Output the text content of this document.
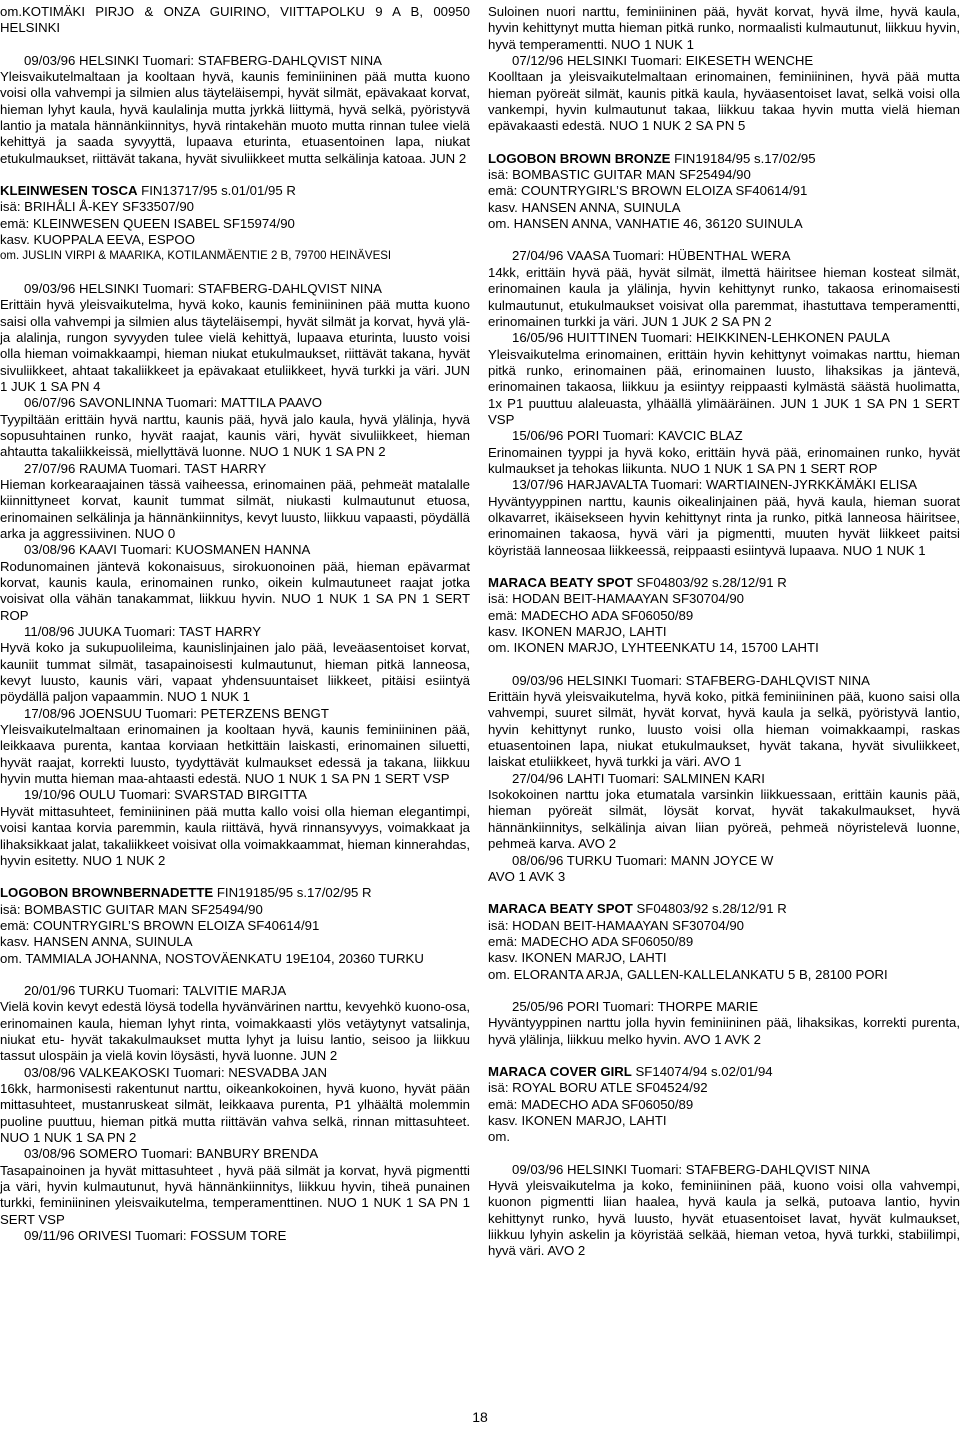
om.KOTIMÄKI PIRJO & ONZA GUIRINO, VIITTAPOLKU 9 A B, 00950 HELSINKI

09/03/96 HELSINKI Tuomari: STAFBERG-DAHLQVIST NINA

Yleisvaikutelmaltaan ja kooltaan hyvä, kaunis feminiininen pää mutta kuono voisi olla vahvempi ja silmien alus täyteläisempi, hyvät silmät, epävakaat korvat, hieman lyhyt kaula, hyvä kaulalinja mutta jyrkkä liittymä, hyvä selkä, pyöristyvä lantio ja matala hännänkiinnitys, hyvä rintakehän muoto mutta rinnan tulee vielä kehittyä ja saada syvyyttä, lupaava eturinta, etuasentoinen lapa, niukat etukulmaukset, riittävät takana, hyvät sivuliikkeet mutta selkälinja katoaa. JUN 2

KLEINWESEN TOSCA FIN13717/95 s.01/01/95 R

isä: BRIHÅLI Å-KEY SF33507/90

emä: KLEINWESEN QUEEN ISABEL SF15974/90

kasv. KUOPPALA EEVA, ESPOO

om. JUSLIN VIRPI & MAARIKA, KOTILANMÄENTIE 2 B, 79700 HEINÄVESI

09/03/96 HELSINKI Tuomari: STAFBERG-DAHLQVIST NINA

Erittäin hyvä yleisvaikutelma, hyvä koko, kaunis feminiininen pää mutta kuono saisi olla vahvempi ja silmien alus täyteläisempi, hyvät silmät ja korvat, hyvä ylä- ja alalinja, rungon syvyyden tulee vielä kehittyä, lupaava eturinta, luusto voisi olla hieman voimakkaampi, hieman niukat etukulmaukset, riittävät takana, hyvät sivuliikkeet, ahtaat takaliikkeet ja epävakaat etuliikkeet, hyvä turkki ja väri. JUN 1 JUK 1 SA PN 4

06/07/96 SAVONLINNA Tuomari: MATTILA PAAVO

Tyypiltään erittäin hyvä narttu, kaunis pää, hyvä jalo kaula, hyvä ylälinja, hyvä sopusuhtainen runko, hyvät raajat, kaunis väri, hyvät sivuliikkeet, hieman ahtautta takaliikkeissä, miellyttävä luonne. NUO 1 NUK 1 SA PN 2

27/07/96 RAUMA Tuomari. TAST HARRY

Hieman korkearaajainen tässä vaiheessa, erinomainen pää, pehmeät matalalle kiinnittyneet korvat, kaunit tummat silmät, niukasti kulmautunut etuosa, erinomainen selkälinja ja hännänkiinnitys, kevyt luusto, liikkuu vapaasti, pöydällä arka ja aggressiivinen. NUO 0

03/08/96 KAAVI Tuomari: KUOSMANEN HANNA

Rodunomainen jäntevä kokonaisuus, sirokuonoinen pää, hieman epävarmat korvat, kaunis kaula, erinomainen runko, oikein kulmautuneet raajat jotka voisivat olla vähän tanakammat, liikkuu hyvin. NUO 1 NUK 1 SA PN 1 SERT ROP

11/08/96 JUUKA Tuomari: TAST HARRY

Hyvä koko ja sukupuolileima, kaunislinjainen jalo pää, leveäasentoiset korvat, kauniit tummat silmät, tasapainoisesti kulmautunut, hieman pitkä lanneosa, kevyt luusto, kaunis väri, vapaat yhdensuuntaiset liikkeet, pitäisi esiintyä pöydällä paljon vapaammin. NUO 1 NUK 1

17/08/96 JOENSUU Tuomari: PETERZENS BENGT

Yleisvaikutelmaltaan erinomainen ja kooltaan hyvä, kaunis feminiininen pää, leikkaava purenta, kantaa korviaan hetkittäin laiskasti, erinomainen siluetti, hyvät raajat, korrekti luusto, tyydyttävät kulmaukset edessä ja takana, liikkuu hyvin mutta hieman maa-ahtaasti edestä. NUO 1 NUK 1 SA PN 1 SERT VSP

19/10/96 OULU Tuomari: SVARSTAD BIRGITTA

Hyvät mittasuhteet, feminiininen pää mutta kallo voisi olla hieman elegantimpi, voisi kantaa korvia paremmin, kaula riittävä, hyvä rinnansyvyys, voimakkaat ja lihaksikkaat jalat, takaliikkeet voisivat olla voimakkaammat, hieman kinnerahdas, hyvin esitetty. NUO 1 NUK 2

LOGOBON BROWNBERNADETTE FIN19185/95 s.17/02/95 R

isä: BOMBASTIC GUITAR MAN SF25494/90

emä: COUNTRYGIRL’S BROWN ELOIZA SF40614/91

kasv. HANSEN ANNA, SUINULA

om. TAMMIALA JOHANNA, NOSTOVÄENKATU 19E104, 20360 TURKU

20/01/96 TURKU Tuomari: TALVITIE MARJA

Vielä kovin kevyt edestä löysä todella hyvänvärinen narttu, kevyehkö kuono-osa, erinomainen kaula, hieman lyhyt rinta, voimakkaasti ylös vetäytynyt vatsalinja, niukat etu- hyvät takakulmaukset mutta lyhyt ja luisu lantio, seisoo ja liikkuu tassut ulospäin ja vielä kovin löysästi, hyvä luonne. JUN 2

03/08/96 VALKEAKOSKI Tuomari: NESVADBA JAN

16kk, harmonisesti rakentunut narttu, oikeankokoinen, hyvä kuono, hyvät pään mittasuhteet, mustanruskeat silmät, leikkaava purenta, P1 ylhäältä molemmin puoline puuttuu, hieman pitkä mutta riittävän vahva selkä, rinnan mittasuhteet. NUO 1 NUK 1 SA PN 2

03/08/96 SOMERO Tuomari: BANBURY BRENDA

Tasapainoinen ja hyvät mittasuhteet , hyvä pää silmät ja korvat, hyvä pigmentti ja väri, hyvin kulmautunut, hyvä hännänkiinnitys, liikkuu hyvin, tiheä punainen turkki, feminiininen yleisvaikutelma, temperamenttinen. NUO 1 NUK 1 SA PN 1 SERT VSP

09/11/96 ORIVESI Tuomari: FOSSUM TORE

Suloinen nuori narttu, feminiininen pää, hyvät korvat, hyvä ilme, hyvä kaula, hyvin kehittynyt mutta hieman pitkä runko, normaalisti kulmautunut, liikkuu hyvin, hyvä temperamentti. NUO 1 NUK 1

07/12/96 HELSINKI Tuomari: EIKESETH WENCHE

Koolltaan ja yleisvaikutelmaltaan erinomainen, feminiininen, hyvä pää mutta hieman pyöreät silmät, kaunis pitkä kaula, hyväasentoiset lavat, selkä voisi olla vankempi, hyvin kulmautunut takaa, liikkuu takaa hyvin mutta vielä hieman epävakaasti edestä. NUO 1 NUK 2 SA PN 5

LOGOBON BROWN BRONZE FIN19184/95 s.17/02/95

isä: BOMBASTIC GUITAR MAN SF25494/90

emä: COUNTRYGIRL’S BROWN ELOIZA SF40614/91

kasv. HANSEN ANNA, SUINULA

om. HANSEN ANNA, VANHATIE 46, 36120 SUINULA

27/04/96 VAASA Tuomari: HÜBENTHAL WERA

14kk, erittäin hyvä pää, hyvät silmät, ilmettä häiritsee hieman kosteat silmät, erinomainen kaula ja ylälinja, hyvin kehittynyt runko, takaosa erinomaisesti kulmautunut, etukulmaukset voisivat olla paremmat, ihastuttava temperamentti, erinomainen turkki ja väri. JUN 1 JUK 2 SA PN 2

16/05/96 HUITTINEN Tuomari: HEIKKINEN-LEHKONEN PAULA

Yleisvaikutelma erinomainen, erittäin hyvin kehittynyt voimakas narttu, hieman pitkä runko, erinomainen pää, erinomainen luusto, lihaksikas ja jäntevä, erinomainen takaosa, liikkuu ja esiintyy reippaasti kylmästä säästä huolimatta, 1x P1 puuttuu alaleuasta, ylhäällä ylimääräinen. JUN 1 JUK 1 SA PN 1 SERT VSP

15/06/96 PORI Tuomari: KAVCIC BLAZ

Erinomainen tyyppi ja hyvä koko, erittäin hyvä pää, erinomainen runko, hyvät kulmaukset ja tehokas liikunta. NUO 1 NUK 1 SA PN 1 SERT ROP

13/07/96 HARJAVALTA Tuomari: WARTIAINEN-JYRKKÄMÄKI ELISA

Hyväntyyppinen narttu, kaunis oikealinjainen pää, hyvä kaula, hieman suorat olkavarret, ikäisekseen hyvin kehittynyt rinta ja runko, pitkä lanneosa häiritsee, erinomainen takaosa, hyvä väri ja pigmentti, muuten hyvät liikkeet paitsi köyristää lanneosaa liikkeessä, reippaasti esiintyvä lupaava. NUO 1 NUK 1

MARACA BEATY SPOT SF04803/92 s.28/12/91 R

isä: HODAN BEIT-HAMAAYAN SF30704/90

emä: MADECHO ADA SF06050/89

kasv. IKONEN MARJO, LAHTI

om. IKONEN MARJO, LYHTEENKATU 14, 15700 LAHTI

09/03/96 HELSINKI Tuomari: STAFBERG-DAHLQVIST NINA

Erittäin hyvä yleisvaikutelma, hyvä koko, pitkä feminiininen pää, kuono saisi olla vahvempi, suuret silmät, hyvät korvat, hyvä kaula ja selkä, pyöristyvä lantio, hyvin kehittynyt runko, luusto voisi olla hieman voimakkaampi, raskas etuasentoinen lapa, niukat etukulmaukset, hyvät takana, hyvät sivuliikkeet, laiskat etuliikkeet, hyvä turkki ja väri. AVO 1

27/04/96 LAHTI Tuomari: SALMINEN KARI

Isokokoinen narttu joka etumatala varsinkin liikkuessaan, erittäin kaunis pää, hieman pyöreät silmät, löysät korvat, hyvät takakulmaukset, hyvä hännänkiinnitys, selkälinja aivan liian pyöreä, pehmeä nöyristelevä luonne, pehmeä karva. AVO 2

08/06/96 TURKU Tuomari: MANN JOYCE W

AVO 1 AVK 3

MARACA BEATY SPOT SF04803/92 s.28/12/91 R

isä: HODAN BEIT-HAMAAYAN SF30704/90

emä: MADECHO ADA SF06050/89

kasv. IKONEN MARJO, LAHTI

om. ELORANTA ARJA, GALLEN-KALLELANKATU 5 B, 28100 PORI

25/05/96 PORI Tuomari: THORPE MARIE

Hyväntyyppinen narttu jolla hyvin feminiininen pää, lihaksikas, korrekti purenta, hyvä ylälinja, liikkuu melko hyvin. AVO 1 AVK 2

MARACA COVER GIRL SF14074/94 s.02/01/94

isä: ROYAL BORU ATLE SF04524/92

emä: MADECHO ADA SF06050/89

kasv. IKONEN MARJO, LAHTI

om.

09/03/96 HELSINKI Tuomari: STAFBERG-DAHLQVIST NINA

Hyvä yleisvaikutelma ja koko, feminiininen pää, kuono voisi olla vahvempi, kuonon pigmentti liian haalea, hyvä kaula ja selkä, putoava lantio, hyvin kehittynyt runko, hyvä luusto, hyvät etuasentoiset lavat, hyvät kulmaukset, liikkuu lyhyin askelin ja köyristää selkää, hieman vetoa, hyvä turkki, stabiilimpi, hyvä väri. AVO 2

18
